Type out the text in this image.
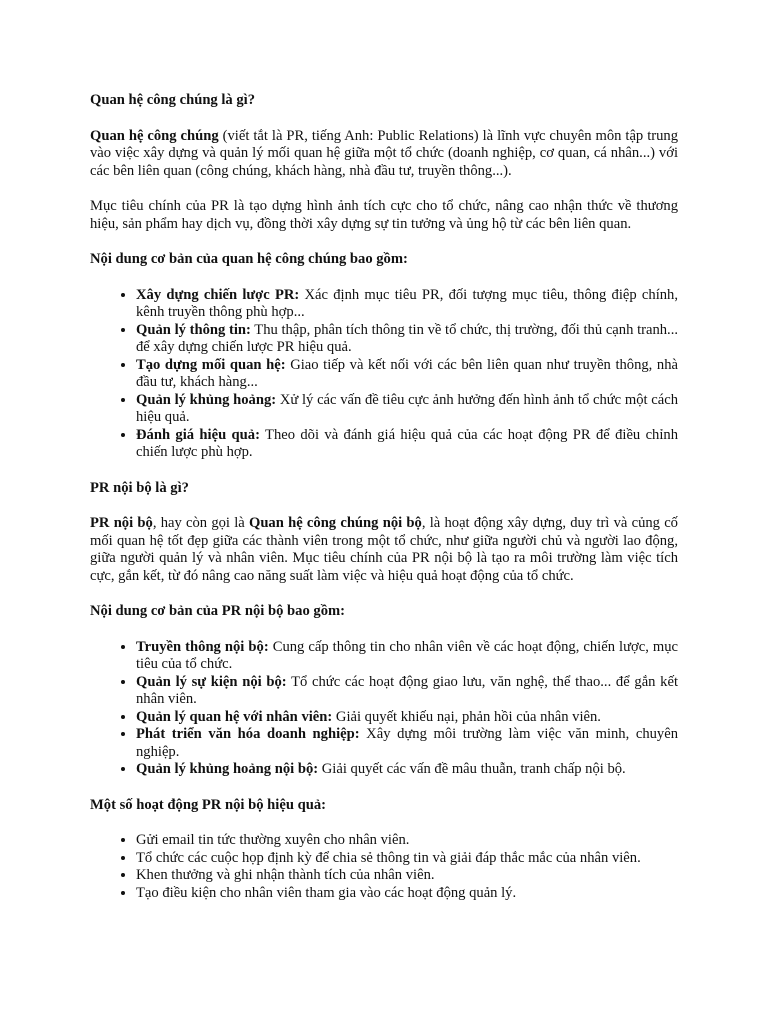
Quan hệ công chúng là gì?

Quan hệ công chúng (viết tắt là PR, tiếng Anh: Public Relations) là lĩnh vực chuyên môn tập trung vào việc xây dựng và quản lý mối quan hệ giữa một tổ chức (doanh nghiệp, cơ quan, cá nhân...) với các bên liên quan (công chúng, khách hàng, nhà đầu tư, truyền thông...).

Mục tiêu chính của PR là tạo dựng hình ảnh tích cực cho tổ chức, nâng cao nhận thức về thương hiệu, sản phẩm hay dịch vụ, đồng thời xây dựng sự tin tưởng và ủng hộ từ các bên liên quan.

Nội dung cơ bản của quan hệ công chúng bao gồm:
• Xây dựng chiến lược PR: Xác định mục tiêu PR, đối tượng mục tiêu, thông điệp chính, kênh truyền thông phù hợp...
• Quản lý thông tin: Thu thập, phân tích thông tin về tổ chức, thị trường, đối thủ cạnh tranh... để xây dựng chiến lược PR hiệu quả.
• Tạo dựng mối quan hệ: Giao tiếp và kết nối với các bên liên quan như truyền thông, nhà đầu tư, khách hàng...
• Quản lý khủng hoảng: Xử lý các vấn đề tiêu cực ảnh hưởng đến hình ảnh tổ chức một cách hiệu quả.
• Đánh giá hiệu quả: Theo dõi và đánh giá hiệu quả của các hoạt động PR để điều chỉnh chiến lược phù hợp.
PR nội bộ là gì?

PR nội bộ, hay còn gọi là Quan hệ công chúng nội bộ, là hoạt động xây dựng, duy trì và củng cố mối quan hệ tốt đẹp giữa các thành viên trong một tổ chức, như giữa người chủ và người lao động, giữa người quản lý và nhân viên. Mục tiêu chính của PR nội bộ là tạo ra môi trường làm việc tích cực, gắn kết, từ đó nâng cao năng suất làm việc và hiệu quả hoạt động của tổ chức.

Nội dung cơ bản của PR nội bộ bao gồm:
• Truyền thông nội bộ: Cung cấp thông tin cho nhân viên về các hoạt động, chiến lược, mục tiêu của tổ chức.
• Quản lý sự kiện nội bộ: Tổ chức các hoạt động giao lưu, văn nghệ, thể thao... để gắn kết nhân viên.
• Quản lý quan hệ với nhân viên: Giải quyết khiếu nại, phản hồi của nhân viên.
• Phát triển văn hóa doanh nghiệp: Xây dựng môi trường làm việc văn minh, chuyên nghiệp.
• Quản lý khủng hoảng nội bộ: Giải quyết các vấn đề mâu thuẫn, tranh chấp nội bộ.
Một số hoạt động PR nội bộ hiệu quả:
• Gửi email tin tức thường xuyên cho nhân viên.
• Tổ chức các cuộc họp định kỳ để chia sẻ thông tin và giải đáp thắc mắc của nhân viên.
• Khen thưởng và ghi nhận thành tích của nhân viên.
• Tạo điều kiện cho nhân viên tham gia vào các hoạt động quản lý.
